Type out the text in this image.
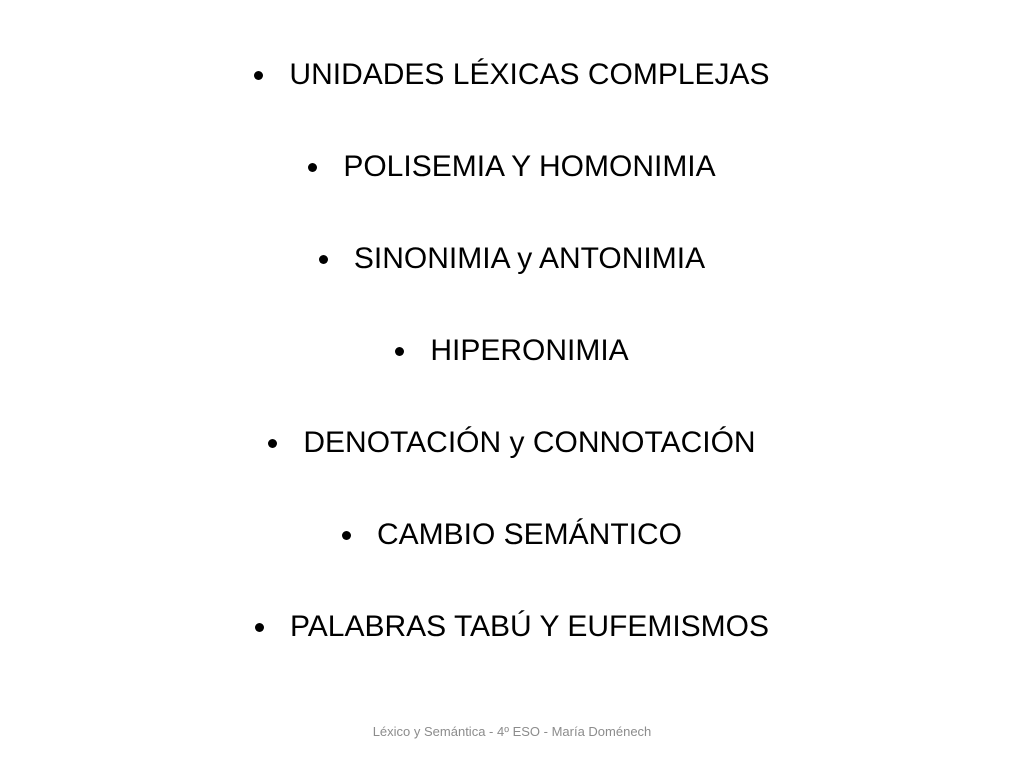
UNIDADES LÉXICAS COMPLEJAS
POLISEMIA Y HOMONIMIA
SINONIMIA y ANTONIMIA
HIPERONIMIA
DENOTACIÓN y CONNOTACIÓN
CAMBIO SEMÁNTICO
PALABRAS TABÚ Y EUFEMISMOS
Léxico y Semántica - 4º ESO - María Doménech
